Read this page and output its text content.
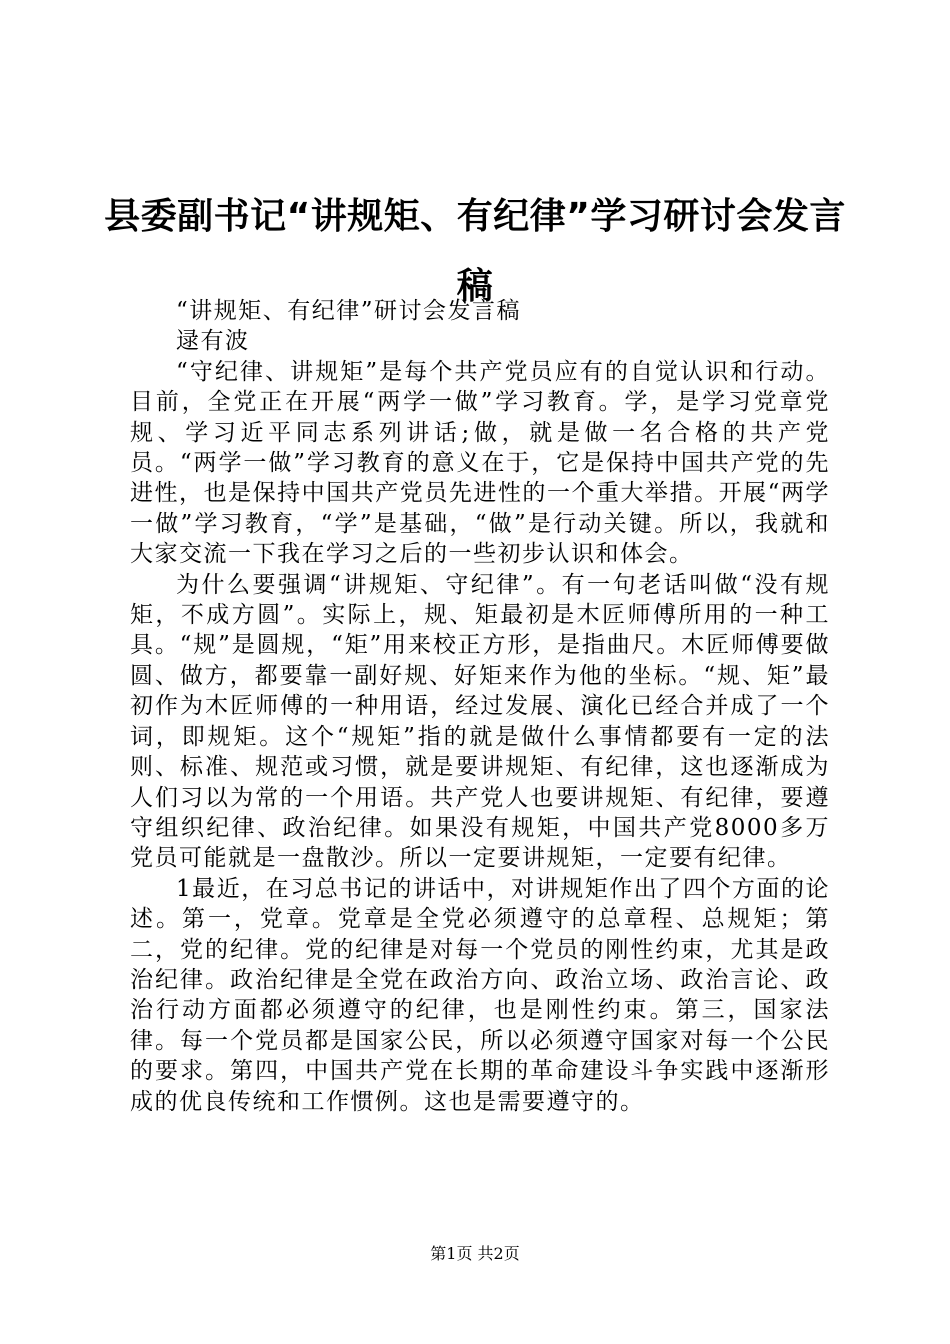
县委副书记“讲规矩、有纪律”学习研讨会发言稿

“讲规矩、有纪律”研讨会发言稿

逯有波

“守纪律、讲规矩”是每个共产党员应有的自觉认识和行动。目前，全党正在开展“两学一做”学习教育。学，是学习党章党规、学习近平同志系列讲话;做，就是做一名合格的共产党员。“两学一做”学习教育的意义在于，它是保持中国共产党的先进性，也是保持中国共产党员先进性的一个重大举措。开展“两学一做”学习教育，“学”是基础，“做”是行动关键。所以，我就和大家交流一下我在学习之后的一些初步认识和体会。

为什么要强调“讲规矩、守纪律”。有一句老话叫做“没有规矩，不成方圆”。实际上，规、矩最初是木匠师傅所用的一种工具。“规”是圆规，“矩”用来校正方形，是指曲尺。木匠师傅要做圆、做方，都要靠一副好规、好矩来作为他的坐标。“规、矩”最初作为木匠师傅的一种用语，经过发展、演化已经合并成了一个词，即规矩。这个“规矩”指的就是做什么事情都要有一定的法则、标准、规范或习惯，就是要讲规矩、有纪律，这也逐渐成为人们习以为常的一个用语。共产党人也要讲规矩、有纪律，要遵守组织纪律、政治纪律。如果没有规矩，中国共产党8000多万党员可能就是一盘散沙。所以一定要讲规矩，一定要有纪律。

1最近，在习总书记的讲话中，对讲规矩作出了四个方面的论述。第一，党章。党章是全党必须遵守的总章程、总规矩；第二，党的纪律。党的纪律是对每一个党员的刚性约束，尤其是政治纪律。政治纪律是全党在政治方向、政治立场、政治言论、政治行动方面都必须遵守的纪律，也是刚性约束。第三，国家法律。每一个党员都是国家公民，所以必须遵守国家对每一个公民的要求。第四，中国共产党在长期的革命建设斗争实践中逐渐形成的优良传统和工作惯例。这也是需要遵守的。

第1页 共2页
